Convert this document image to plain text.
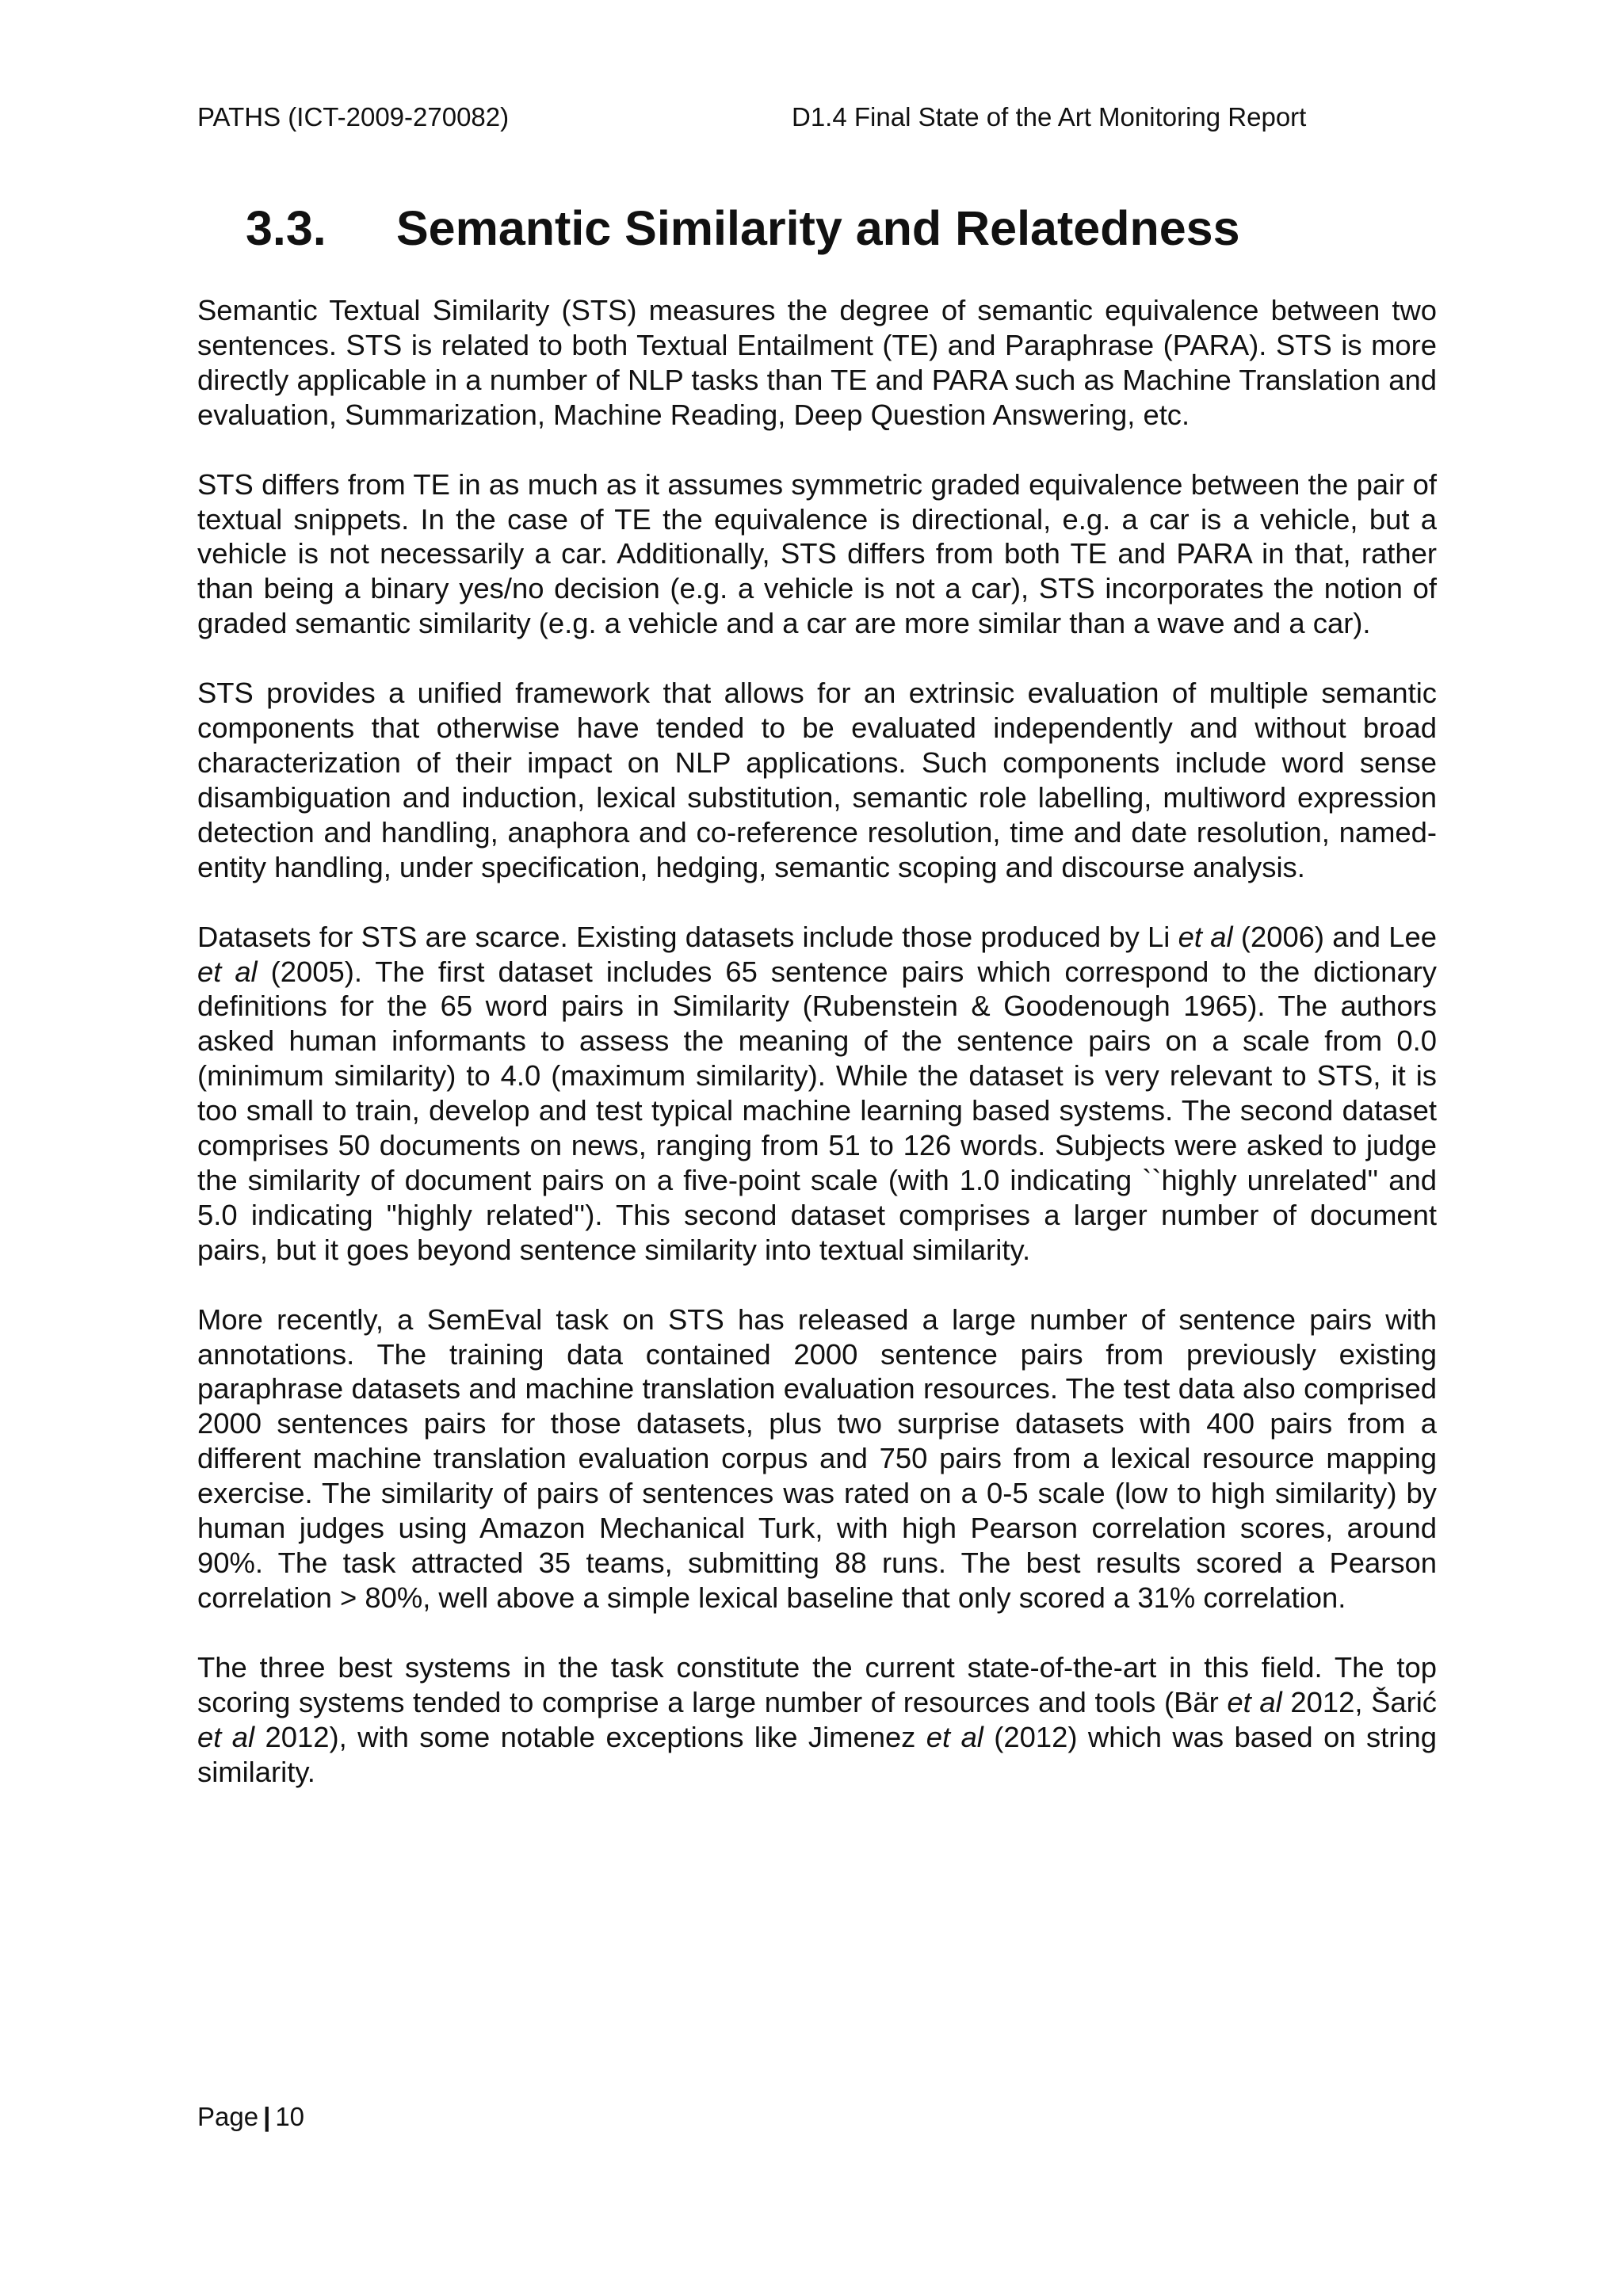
PATHS (ICT-2009-270082)	D1.4 Final State of the Art Monitoring Report
3.3. Semantic Similarity and Relatedness

Semantic Textual Similarity (STS) measures the degree of semantic equivalence between two sentences. STS is related to both Textual Entailment (TE) and Paraphrase (PARA). STS is more directly applicable in a number of NLP tasks than TE and PARA such as Machine Translation and evaluation, Summarization, Machine Reading, Deep Question Answering, etc.

STS differs from TE in as much as it assumes symmetric graded equivalence between the pair of textual snippets. In the case of TE the equivalence is directional, e.g. a car is a vehicle, but a vehicle is not necessarily a car. Additionally, STS differs from both TE and PARA in that, rather than being a binary yes/no decision (e.g. a vehicle is not a car), STS incorporates the notion of graded semantic similarity (e.g. a vehicle and a car are more similar than a wave and a car).

STS provides a unified framework that allows for an extrinsic evaluation of multiple semantic components that otherwise have tended to be evaluated independently and without broad characterization of their impact on NLP applications. Such components include word sense disambiguation and induction, lexical substitution, semantic role labelling, multiword expression detection and handling, anaphora and co-reference resolution, time and date resolution, named-entity handling, under specification, hedging, semantic scoping and discourse analysis.

Datasets for STS are scarce. Existing datasets include those produced by Li et al (2006) and Lee et al (2005). The first dataset includes 65 sentence pairs which correspond to the dictionary definitions for the 65 word pairs in Similarity (Rubenstein & Goodenough 1965). The authors asked human informants to assess the meaning of the sentence pairs on a scale from 0.0 (minimum similarity) to 4.0 (maximum similarity). While the dataset is very relevant to STS, it is too small to train, develop and test typical machine learning based systems. The second dataset comprises 50 documents on news, ranging from 51 to 126 words. Subjects were asked to judge the similarity of document pairs on a five-point scale (with 1.0 indicating ``highly unrelated'' and 5.0 indicating "highly related''). This second dataset comprises a larger number of document pairs, but it goes beyond sentence similarity into textual similarity.

More recently, a SemEval task on STS has released a large number of sentence pairs with annotations. The training data contained 2000 sentence pairs from previously existing paraphrase datasets and machine translation evaluation resources. The test data also comprised 2000 sentences pairs for those datasets, plus two surprise datasets with 400 pairs from a different machine translation evaluation corpus and 750 pairs from a lexical resource mapping exercise. The similarity of pairs of sentences was rated on a 0-5 scale (low to high similarity) by human judges using Amazon Mechanical Turk, with high Pearson correlation scores, around 90%. The task attracted 35 teams, submitting 88 runs. The best results scored a Pearson correlation > 80%, well above a simple lexical baseline that only scored a 31% correlation.

The three best systems in the task constitute the current state-of-the-art in this field. The top scoring systems tended to comprise a large number of resources and tools (Bär et al 2012, Šarić et al 2012), with some notable exceptions like Jimenez et al (2012) which was based on string similarity.

Page | 10
